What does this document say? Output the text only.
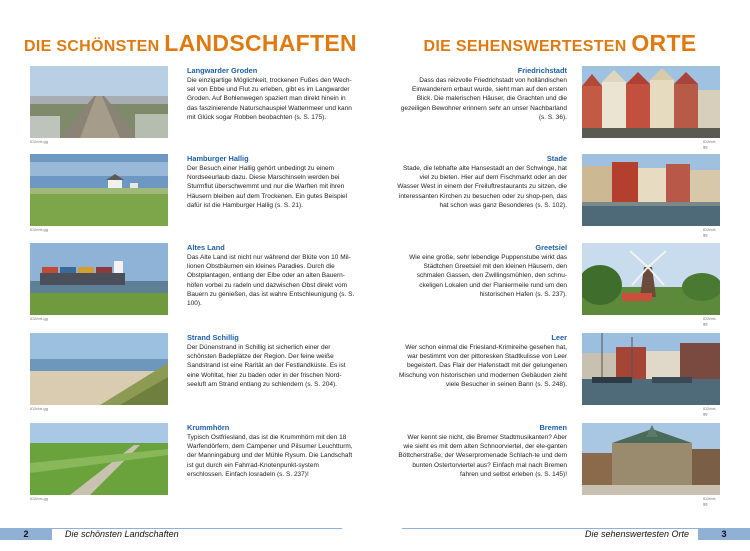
DIE SCHÖNSTEN LANDSCHAFTEN	DIE SEHENSWERTESTEN ORTE
ID2rbrt-gg
Langwarder Groden
Die einzigartige Möglichkeit, trockenen Fußes den Wech-sel von Ebbe und Flut zu erleben, gibt es im Langwarder Groden. Auf Bohlenwegen spaziert man direkt hinein in das faszinierende Naturschauspiel Wattenmeer und kann mit Glück sogar Robben beobachten (s. S. 175).
ID2rbrt-gg
Hamburger Hallig
Der Besuch einer Hallig gehört unbedingt zu einem Nordseeurlaub dazu. Diese Marschinseln werden bei Sturmflut überschwemmt und nur die Warften mit ihren Häusern bleiben auf dem Trockenen. Ein gutes Beispiel dafür ist die Hamburger Hallig (s. S. 21).
ID2rbrt-gg
Altes Land
Das Alte Land ist nicht nur während der Blüte von 10 Mil-lionen Obstbäumen ein kleines Paradies. Durch die Obstplantagen, entlang der Elbe oder an alten Bauern-höfen vorbei zu radeln und dazwischen Obst direkt vom Bauern zu genießen, das ist wahre Entschleunigung (s. S. 100).
ID2rbrt-gg
Strand Schillig
Der Dünenstrand in Schillig ist sicherlich einer der schönsten Badeplätze der Region. Der feine weiße Sandstrand ist eine Rarität an der Festlandküste. Es ist eine Wohltat, hier zu baden oder in der frischen Nord-seeluft am Strand entlang zu schlendern (s. S. 204).
ID2rbrt-gg
Krummhörn
Typisch Ostfriesland, das ist die Krummhörn mit den 18 Warfendörfern, dem Campener und Pilsumer Leuchtturm, der Manningaburg und der Mühle Rysum. Die Landschaft ist gut durch ein Fahrrad-Knotenpunkt-system erschlossen. Einfach losradeln (s. S. 237)!
Friedrichstadt
Dass das reizvolle Friedrichstadt von holländischen Einwanderern erbaut wurde, sieht man auf den ersten Blick. Die malerischen Häuser, die Grachten und die gezeiligen Bewohner erinnern sehr an unser Nachbarland (s. S. 36).
ID2rbrt-gg
Stade
Stade, die lebhafte alte Hansestadt an der Schwinge, hat viel zu bieten. Hier auf dem Fischmarkt oder an der Wasser West in einem der Freiluftrestaurants zu sitzen, die interessanten Kirchen zu besuchen oder zu shop-pen, das hat schon was ganz Besonderes (s. S. 102).
ID2rbrt-gg
Greetsiel
Wie eine große, sehr lebendige Puppenstube wirkt das Städtchen Greetsiel mit den kleinen Häusern, den schmalen Gassen, den Zwillingsmühlen, den schnu-ckeligen Lokalen und der Flaniermeile rund um den historischen Hafen (s. S. 237).
ID2rbrt-gg
Leer
Wer schon einmal die Friesland-Krimireihe gesehen hat, war bestimmt von der pittoresken Stadtkulisse von Leer begeistert. Das Flair der Hafenstadt mit der gelungenen Mischung von historischen und modernen Gebäuden zieht viele Besucher in seinen Bann (s. S. 248).
ID2rbrt-gg
Bremen
Wer kennt sie nicht, die Bremer Stadtmusikanten? Aber wie sieht es mit dem alten Schnoorviertel, der ele-ganten Böttcherstraße, der Weserpromenade Schlach-te und dem bunten Ostertorviertel aus? Einfach mal nach Bremen fahren und selbst erleben (s. S. 145)!
ID2rbrt-gg
2	Die schönsten Landschaften	Die sehenswertesten Orte	3
